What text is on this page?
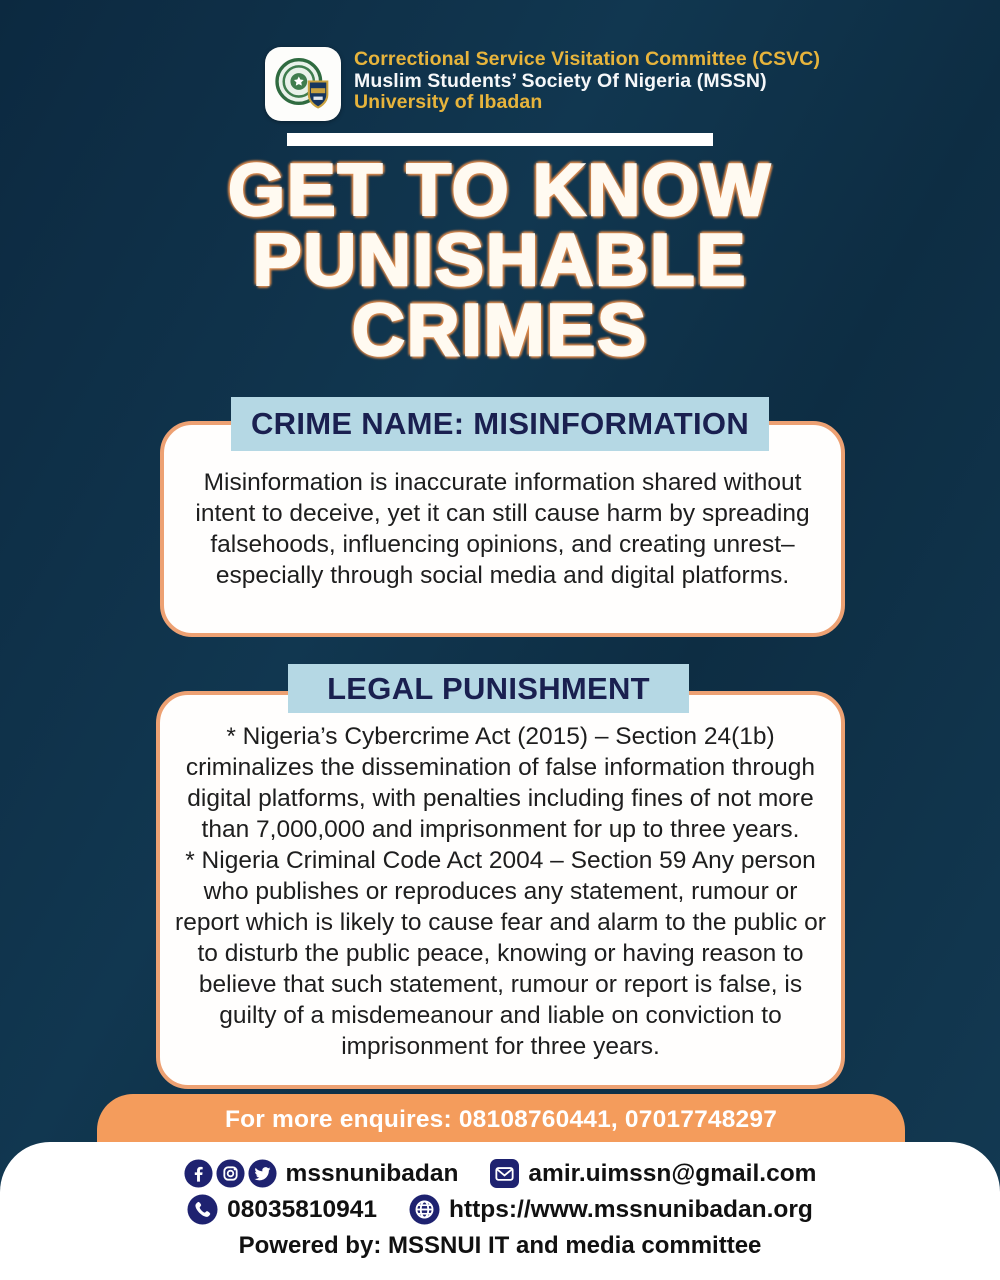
Correctional Service Visitation Committee (CSVC)
Muslim Students’ Society Of Nigeria (MSSN)
University of Ibadan
GET TO KNOW
PUNISHABLE
CRIMES
CRIME NAME: MISINFORMATION

Misinformation is inaccurate information shared without intent to deceive, yet it can still cause harm by spreading falsehoods, influencing opinions, and creating unrest–especially through social media and digital platforms.

LEGAL PUNISHMENT

* Nigeria’s Cybercrime Act (2015) – Section 24(1b) criminalizes the dissemination of false information through digital platforms, with penalties including fines of not more than 7,000,000 and imprisonment for up to three years.

* Nigeria Criminal Code Act 2004 – Section 59 Any person who publishes or reproduces any statement, rumour or report which is likely to cause fear and alarm to the public or to disturb the public peace, knowing or having reason to believe that such statement, rumour or report is false, is guilty of a misdemeanour and liable on conviction to imprisonment for three years.

For more enquires: 08108760441, 07017748297
mssnunibadan	amir.uimssn@gmail.com
08035810941	https://www.mssnunibadan.org
Powered by: MSSNUI IT and media committee
